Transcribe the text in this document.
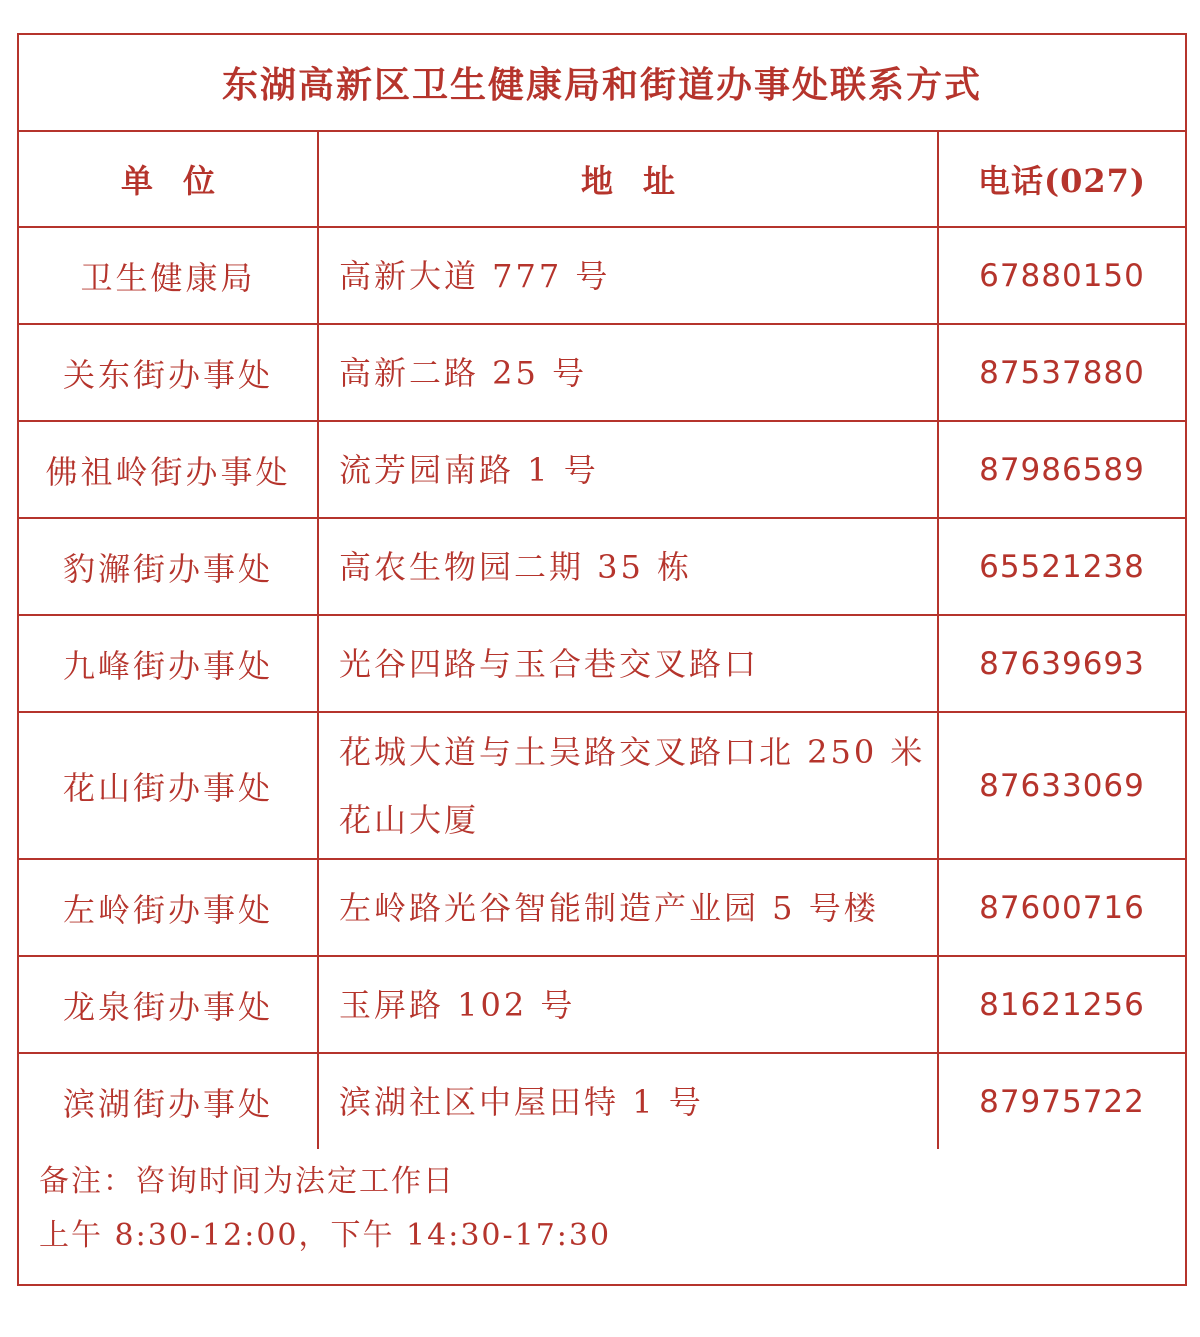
东湖高新区卫生健康局和街道办事处联系方式
单位	地址	电话(027)
卫生健康局	高新大道 777 号	67880150
关东街办事处	高新二路 25 号	87537880
佛祖岭街办事处	流芳园南路 1 号	87986589
豹澥街办事处	高农生物园二期 35 栋	65521238
九峰街办事处	光谷四路与玉合巷交叉路口	87639693
花山街办事处	花城大道与土吴路交叉路口北 250 米花山大厦	87633069
左岭街办事处	左岭路光谷智能制造产业园 5 号楼	87600716
龙泉街办事处	玉屏路 102 号	81621256
滨湖街办事处	滨湖社区中屋田特 1 号	87975722
备注：咨询时间为法定工作日
上午 8:30-12:00，下午 14:30-17:30
